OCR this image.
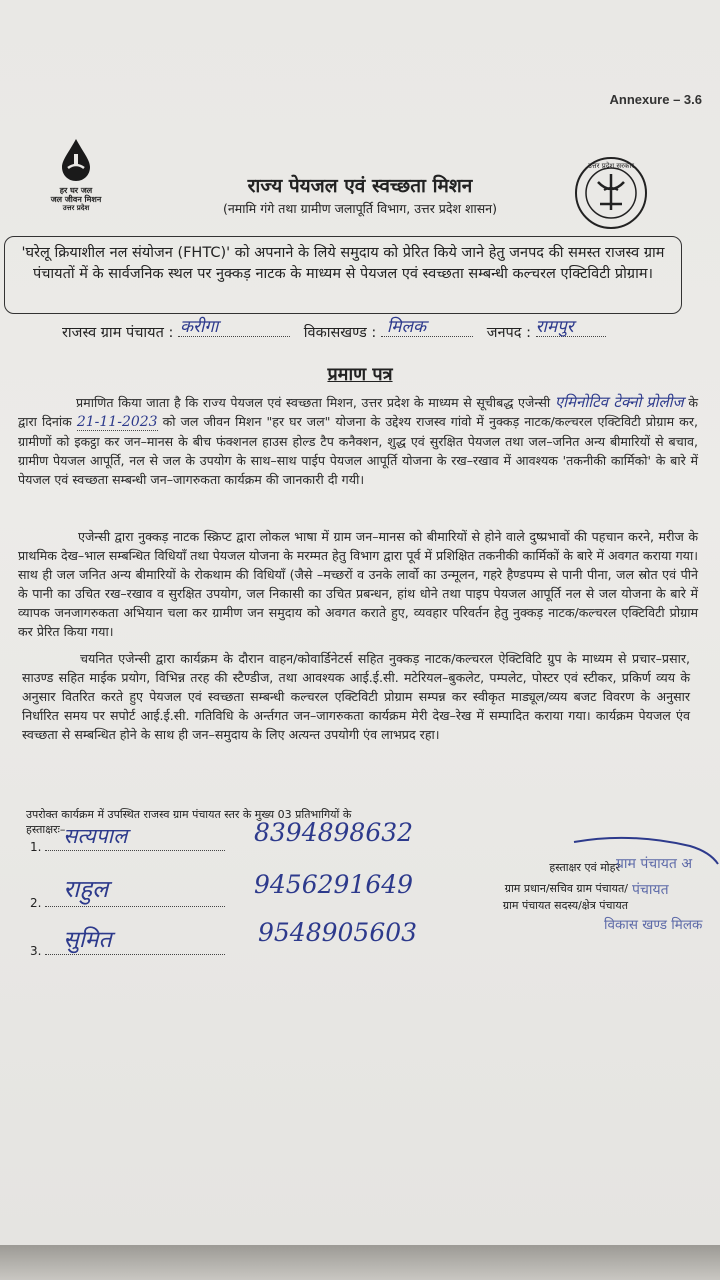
Annexure – 3.6
हर घर जल
जल जीवन मिशन
उत्तर प्रदेश
उत्तर प्रदेश सरकार
राज्य पेयजल एवं स्वच्छता मिशन
(नमामि गंगे तथा ग्रामीण जलापूर्ति विभाग, उत्तर प्रदेश शासन)
'घरेलू क्रियाशील नल संयोजन (FHTC)' को अपनाने के लिये समुदाय को प्रेरित किये जाने हेतु जनपद की समस्त राजस्व ग्राम पंचायतों में के सार्वजनिक स्थल पर नुक्कड़ नाटक के माध्यम से पेयजल एवं स्वच्छता सम्बन्धी कल्चरल एक्टिविटी प्रोग्राम।
राजस्व ग्राम पंचायत : करीगा	विकासखण्ड : मिलक	जनपद : रामपुर
प्रमाण पत्र
प्रमाणित किया जाता है कि राज्य पेयजल एवं स्वच्छता मिशन, उत्तर प्रदेश के माध्यम से सूचीबद्ध एजेन्सी एमिनोटिव टेक्नो प्रोलीज के द्वारा दिनांक 21-11-2023 को जल जीवन मिशन "हर घर जल" योजना के उद्देश्य राजस्व गांवो में नुक्कड़ नाटक/कल्चरल एक्टिविटी प्रोग्राम कर, ग्रामीणों को इकट्ठा कर जन–मानस के बीच फंक्शनल हाउस होल्ड टैप कनैक्शन, शुद्ध एवं सुरक्षित पेयजल तथा जल–जनित अन्य बीमारियों से बचाव, ग्रामीण पेयजल आपूर्ति, नल से जल के उपयोग के साथ–साथ पाईप पेयजल आपूर्ति योजना के रख–रखाव में आवश्यक 'तकनीकी कार्मिको' के बारे में पेयजल एवं स्वच्छता सम्बन्धी जन–जागरुकता कार्यक्रम की जानकारी दी गयी।
एजेन्सी द्वारा नुक्कड़ नाटक स्क्रिप्ट द्वारा लोकल भाषा में ग्राम जन–मानस को बीमारियों से होने वाले दुष्प्रभावों की पहचान करने, मरीज के प्राथमिक देख–भाल सम्बन्धित विधियाँ तथा पेयजल योजना के मरम्मत हेतु विभाग द्वारा पूर्व में प्रशिक्षित तकनीकी कार्मिकों के बारे में अवगत कराया गया। साथ ही जल जनित अन्य बीमारियों के रोकथाम की विधियाँ (जैसे –मच्छरों व उनके लार्वो का उन्मूलन, गहरे हैण्डपम्प से पानी पीना, जल स्रोत एवं पीने के पानी का उचित रख–रखाव व सुरक्षित उपयोग, जल निकासी का उचित प्रबन्धन, हांथ धोने तथा पाइप पेयजल आपूर्ति नल से जल योजना के बारे में व्यापक जनजागरुकता अभियान चला कर ग्रामीण जन समुदाय को अवगत कराते हुए, व्यवहार परिवर्तन हेतु नुक्कड़ नाटक/कल्चरल एक्टिविटी प्रोग्राम कर प्रेरित किया गया।
चयनित एजेन्सी द्वारा कार्यक्रम के दौरान वाहन/कोवार्डिनेटर्स सहित नुक्कड़ नाटक/कल्चरल ऐक्टिविटि ग्रुप के माध्यम से प्रचार–प्रसार, साउण्ड सहित माईक प्रयोग, विभिन्न तरह की स्टैण्डीज, तथा आवश्यक आई.ई.सी. मटेरियल–बुकलेट, पम्पलेट, पोस्टर एवं स्टीकर, प्रकिर्ण व्यय के अनुसार वितरित करते हुए पेयजल एवं स्वच्छता सम्बन्धी कल्चरल एक्टिविटी प्रोग्राम सम्पन्न कर स्वीकृत माड्यूल/व्यय बजट विवरण के अनुसार निर्धारित समय पर सपोर्ट आई.ई.सी. गतिविधि के अर्न्तगत जन–जागरुकता कार्यक्रम मेरी देख–रेख में सम्पादित कराया गया। कार्यक्रम पेयजल एंव स्वच्छता से सम्बन्धित होने के साथ ही जन–समुदाय के लिए अत्यन्त उपयोगी एंव लाभप्रद रहा।
उपरोक्त कार्यक्रम में उपस्थित राजस्व ग्राम पंचायत स्तर के मुख्य 03 प्रतिभागियों के
हस्ताक्षरः–
1. सत्यपाल	8394898632
2. राहुल	9456291649
3. सुमित	9548905603
हस्ताक्षर एवं मोहर
ग्राम प्रधान/सचिव ग्राम पंचायत/
ग्राम पंचायत सदस्य/क्षेत्र पंचायत
ग्राम पंचायत अ
पंचायत
विकास खण्ड मिलक
